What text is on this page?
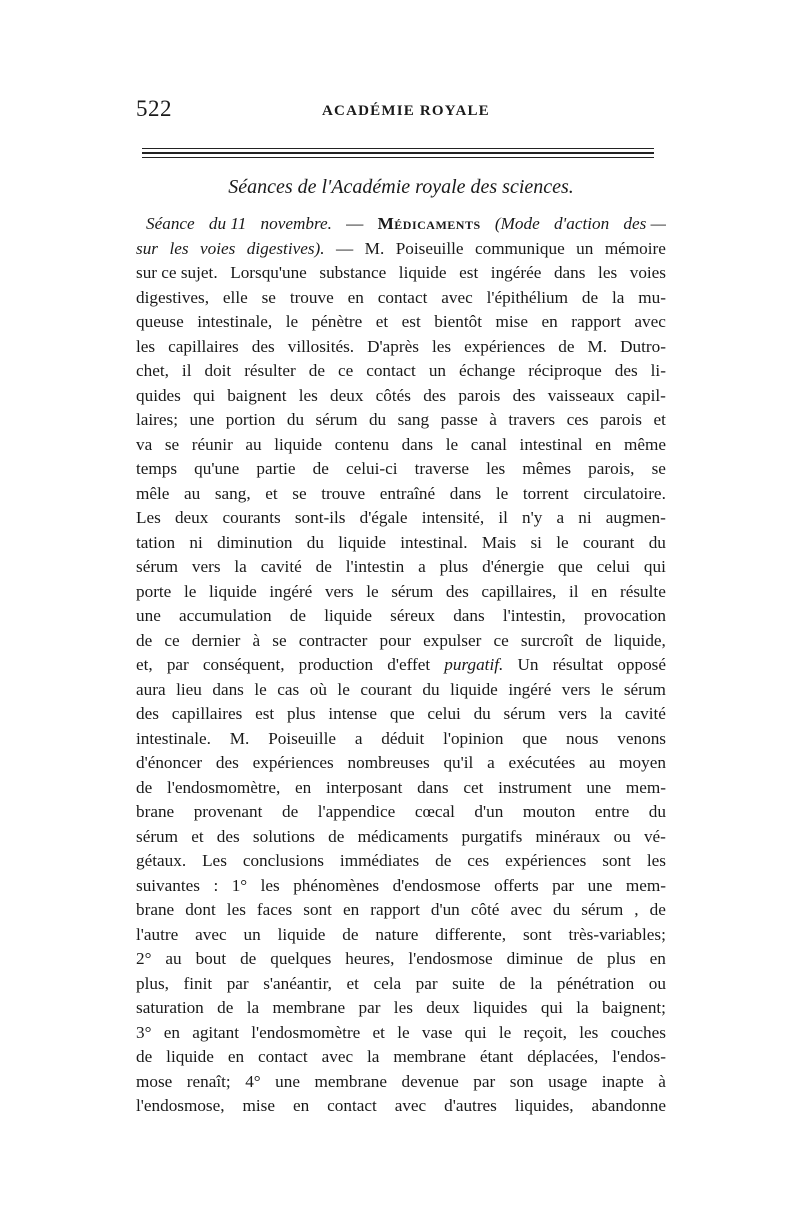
522	ACADÉMIE ROYALE
Séances de l'Académie royale des sciences.
Séance du 11 novembre. — Médicaments (Mode d'action des —
sur les voies digestives). — M. Poiseuille communique un mémoire
sur ce sujet. Lorsqu'une substance liquide est ingérée dans les voies
digestives, elle se trouve en contact avec l'épithélium de la mu-
queuse intestinale, le pénètre et est bientôt mise en rapport avec
les capillaires des villosités. D'après les expériences de M. Dutro-
chet, il doit résulter de ce contact un échange réciproque des li-
quides qui baignent les deux côtés des parois des vaisseaux capil-
laires; une portion du sérum du sang passe à travers ces parois et
va se réunir au liquide contenu dans le canal intestinal en même
temps qu'une partie de celui-ci traverse les mêmes parois, se
mêle au sang, et se trouve entraîné dans le torrent circulatoire.
Les deux courants sont-ils d'égale intensité, il n'y a ni augmen-
tation ni diminution du liquide intestinal. Mais si le courant du
sérum vers la cavité de l'intestin a plus d'énergie que celui qui
porte le liquide ingéré vers le sérum des capillaires, il en résulte
une accumulation de liquide séreux dans l'intestin, provocation
de ce dernier à se contracter pour expulser ce surcroît de liquide,
et, par conséquent, production d'effet purgatif. Un résultat opposé
aura lieu dans le cas où le courant du liquide ingéré vers le sérum
des capillaires est plus intense que celui du sérum vers la cavité
intestinale. M. Poiseuille a déduit l'opinion que nous venons
d'énoncer des expériences nombreuses qu'il a exécutées au moyen
de l'endosmomètre, en interposant dans cet instrument une mem-
brane provenant de l'appendice cœcal d'un mouton entre du
sérum et des solutions de médicaments purgatifs minéraux ou vé-
gétaux. Les conclusions immédiates de ces expériences sont les
suivantes : 1° les phénomènes d'endosmose offerts par une mem-
brane dont les faces sont en rapport d'un côté avec du sérum , de
l'autre avec un liquide de nature differente, sont très-variables;
2° au bout de quelques heures, l'endosmose diminue de plus en
plus, finit par s'anéantir, et cela par suite de la pénétration ou
saturation de la membrane par les deux liquides qui la baignent;
3° en agitant l'endosmomètre et le vase qui le reçoit, les couches
de liquide en contact avec la membrane étant déplacées, l'endos-
mose renaît; 4° une membrane devenue par son usage inapte à
l'endosmose, mise en contact avec d'autres liquides, abandonne
